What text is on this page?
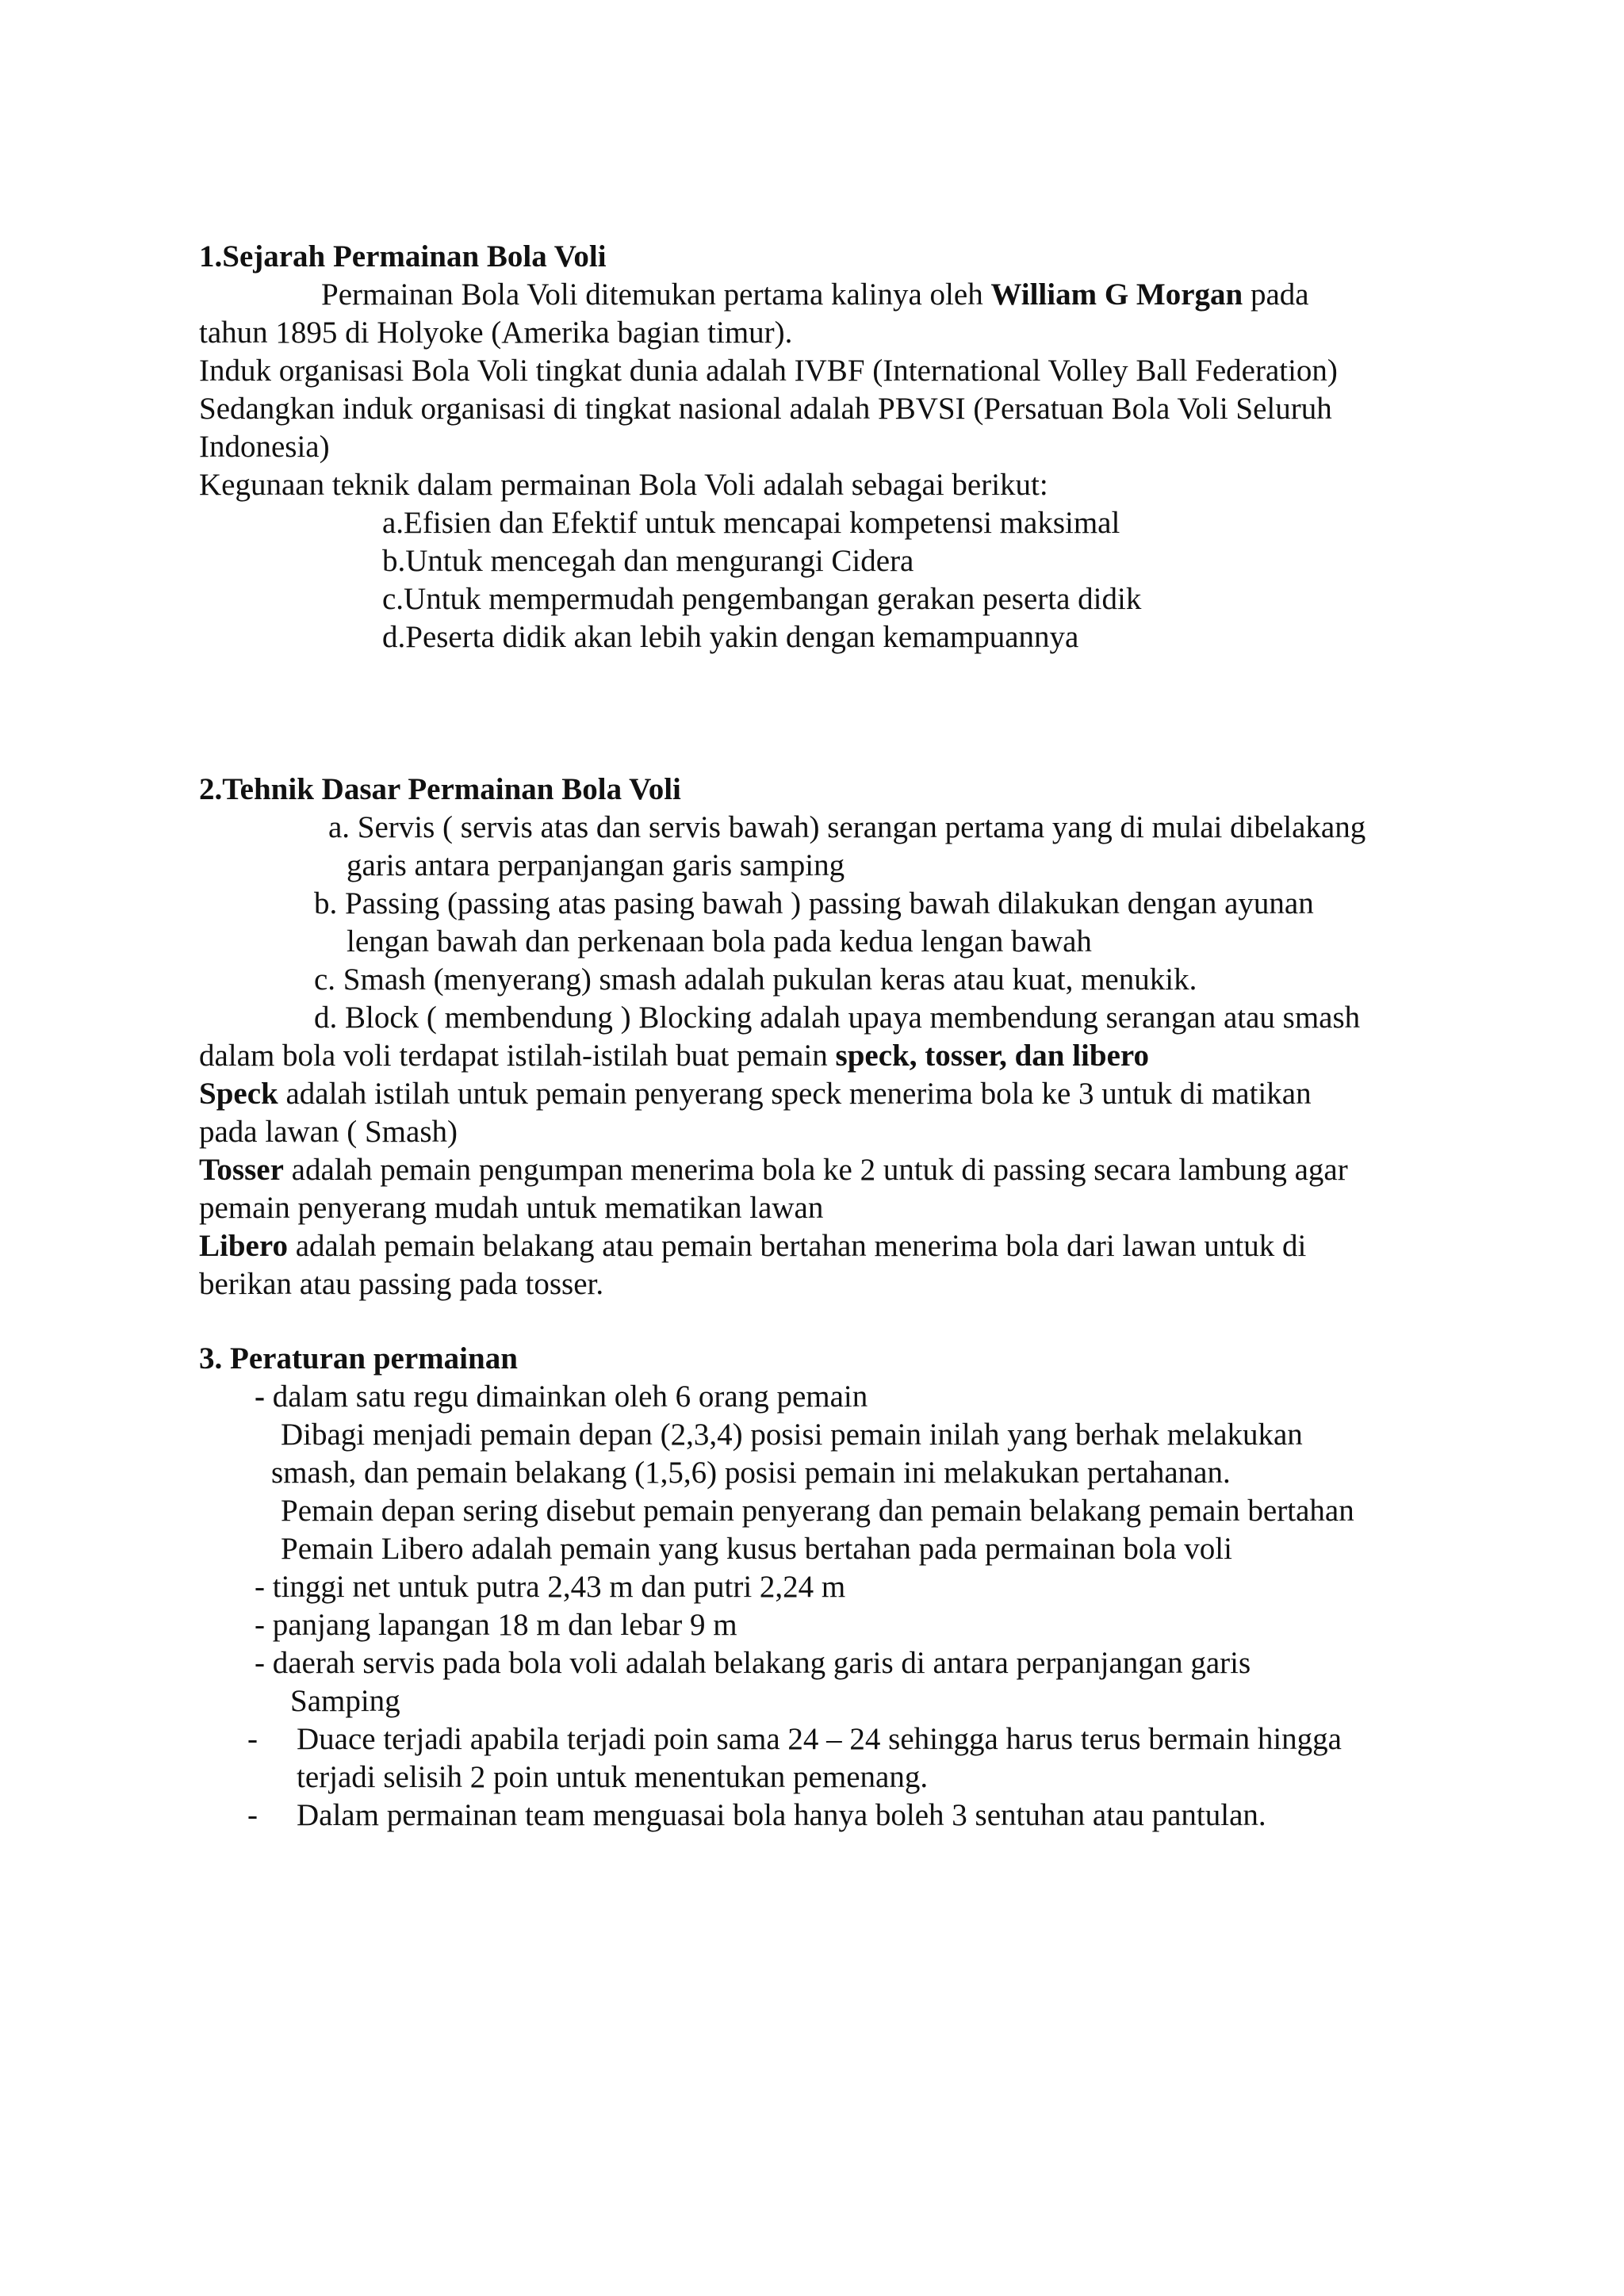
1.Sejarah Permainan Bola Voli
Permainan Bola Voli ditemukan pertama kalinya oleh William G Morgan pada
tahun 1895 di Holyoke (Amerika bagian timur).
Induk organisasi Bola Voli tingkat dunia adalah IVBF (International Volley Ball Federation)
Sedangkan induk organisasi di tingkat nasional adalah PBVSI (Persatuan Bola Voli Seluruh
Indonesia)
Kegunaan teknik dalam permainan Bola Voli adalah sebagai berikut:
a.Efisien dan Efektif untuk mencapai kompetensi maksimal
b.Untuk mencegah dan mengurangi Cidera
c.Untuk mempermudah pengembangan gerakan peserta didik
d.Peserta didik akan lebih yakin dengan kemampuannya
2.Tehnik Dasar Permainan Bola Voli
a. Servis ( servis atas dan servis bawah) serangan pertama yang di mulai dibelakang
garis antara perpanjangan garis samping
b. Passing (passing atas pasing bawah ) passing bawah dilakukan dengan ayunan
lengan bawah dan perkenaan bola pada kedua lengan bawah
c. Smash (menyerang) smash adalah pukulan keras atau kuat, menukik.
d. Block ( membendung ) Blocking adalah upaya membendung serangan atau smash
dalam bola voli terdapat istilah-istilah buat pemain speck, tosser, dan libero
Speck adalah istilah untuk pemain penyerang speck menerima bola ke 3 untuk di matikan
pada lawan ( Smash)
Tosser adalah pemain pengumpan menerima bola ke 2 untuk di passing secara lambung agar
pemain penyerang mudah untuk mematikan lawan
Libero adalah pemain belakang atau pemain bertahan menerima bola dari lawan untuk di
berikan atau passing pada tosser.
3. Peraturan permainan
- dalam satu regu dimainkan oleh 6 orang pemain
Dibagi menjadi pemain depan (2,3,4) posisi pemain inilah yang berhak melakukan
smash, dan pemain belakang (1,5,6) posisi pemain ini melakukan pertahanan.
Pemain depan sering disebut pemain penyerang dan pemain belakang pemain bertahan
Pemain Libero adalah pemain yang kusus bertahan pada permainan bola voli
- tinggi net untuk putra 2,43 m dan putri 2,24 m
- panjang lapangan 18 m dan lebar 9 m
- daerah servis pada bola voli adalah belakang garis di antara perpanjangan garis
Samping
- Duace terjadi apabila terjadi poin sama 24 – 24 sehingga harus terus bermain hingga
terjadi selisih 2 poin untuk menentukan pemenang.
- Dalam permainan team menguasai bola hanya boleh 3 sentuhan atau pantulan.
